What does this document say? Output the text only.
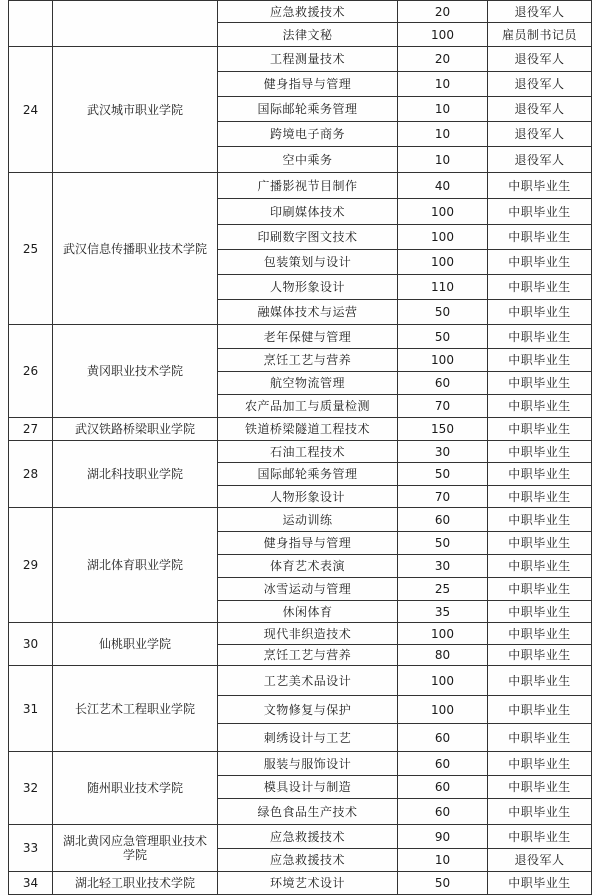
		应急救援技术	20	退役军人
		法律文秘	100	雇员制书记员
24	武汉城市职业学院	工程测量技术	20	退役军人
		健身指导与管理	10	退役军人
		国际邮轮乘务管理	10	退役军人
		跨境电子商务	10	退役军人
		空中乘务	10	退役军人
25	武汉信息传播职业技术学院	广播影视节目制作	40	中职毕业生
		印刷媒体技术	100	中职毕业生
		印刷数字图文技术	100	中职毕业生
		包装策划与设计	100	中职毕业生
		人物形象设计	110	中职毕业生
		融媒体技术与运营	50	中职毕业生
26	黄冈职业技术学院	老年保健与管理	50	中职毕业生
		烹饪工艺与营养	100	中职毕业生
		航空物流管理	60	中职毕业生
		农产品加工与质量检测	70	中职毕业生
27	武汉铁路桥梁职业学院	铁道桥梁隧道工程技术	150	中职毕业生
28	湖北科技职业学院	石油工程技术	30	中职毕业生
		国际邮轮乘务管理	50	中职毕业生
		人物形象设计	70	中职毕业生
29	湖北体育职业学院	运动训练	60	中职毕业生
		健身指导与管理	50	中职毕业生
		体育艺术表演	30	中职毕业生
		冰雪运动与管理	25	中职毕业生
		休闲体育	35	中职毕业生
30	仙桃职业学院	现代非织造技术	100	中职毕业生
		烹饪工艺与营养	80	中职毕业生
31	长江艺术工程职业学院	工艺美术品设计	100	中职毕业生
		文物修复与保护	100	中职毕业生
		刺绣设计与工艺	60	中职毕业生
32	随州职业技术学院	服装与服饰设计	60	中职毕业生
		模具设计与制造	60	中职毕业生
		绿色食品生产技术	60	中职毕业生
33	湖北黄冈应急管理职业技术学院	应急救援技术	90	中职毕业生
		应急救援技术	10	退役军人
34	湖北轻工职业技术学院	环境艺术设计	50	中职毕业生
